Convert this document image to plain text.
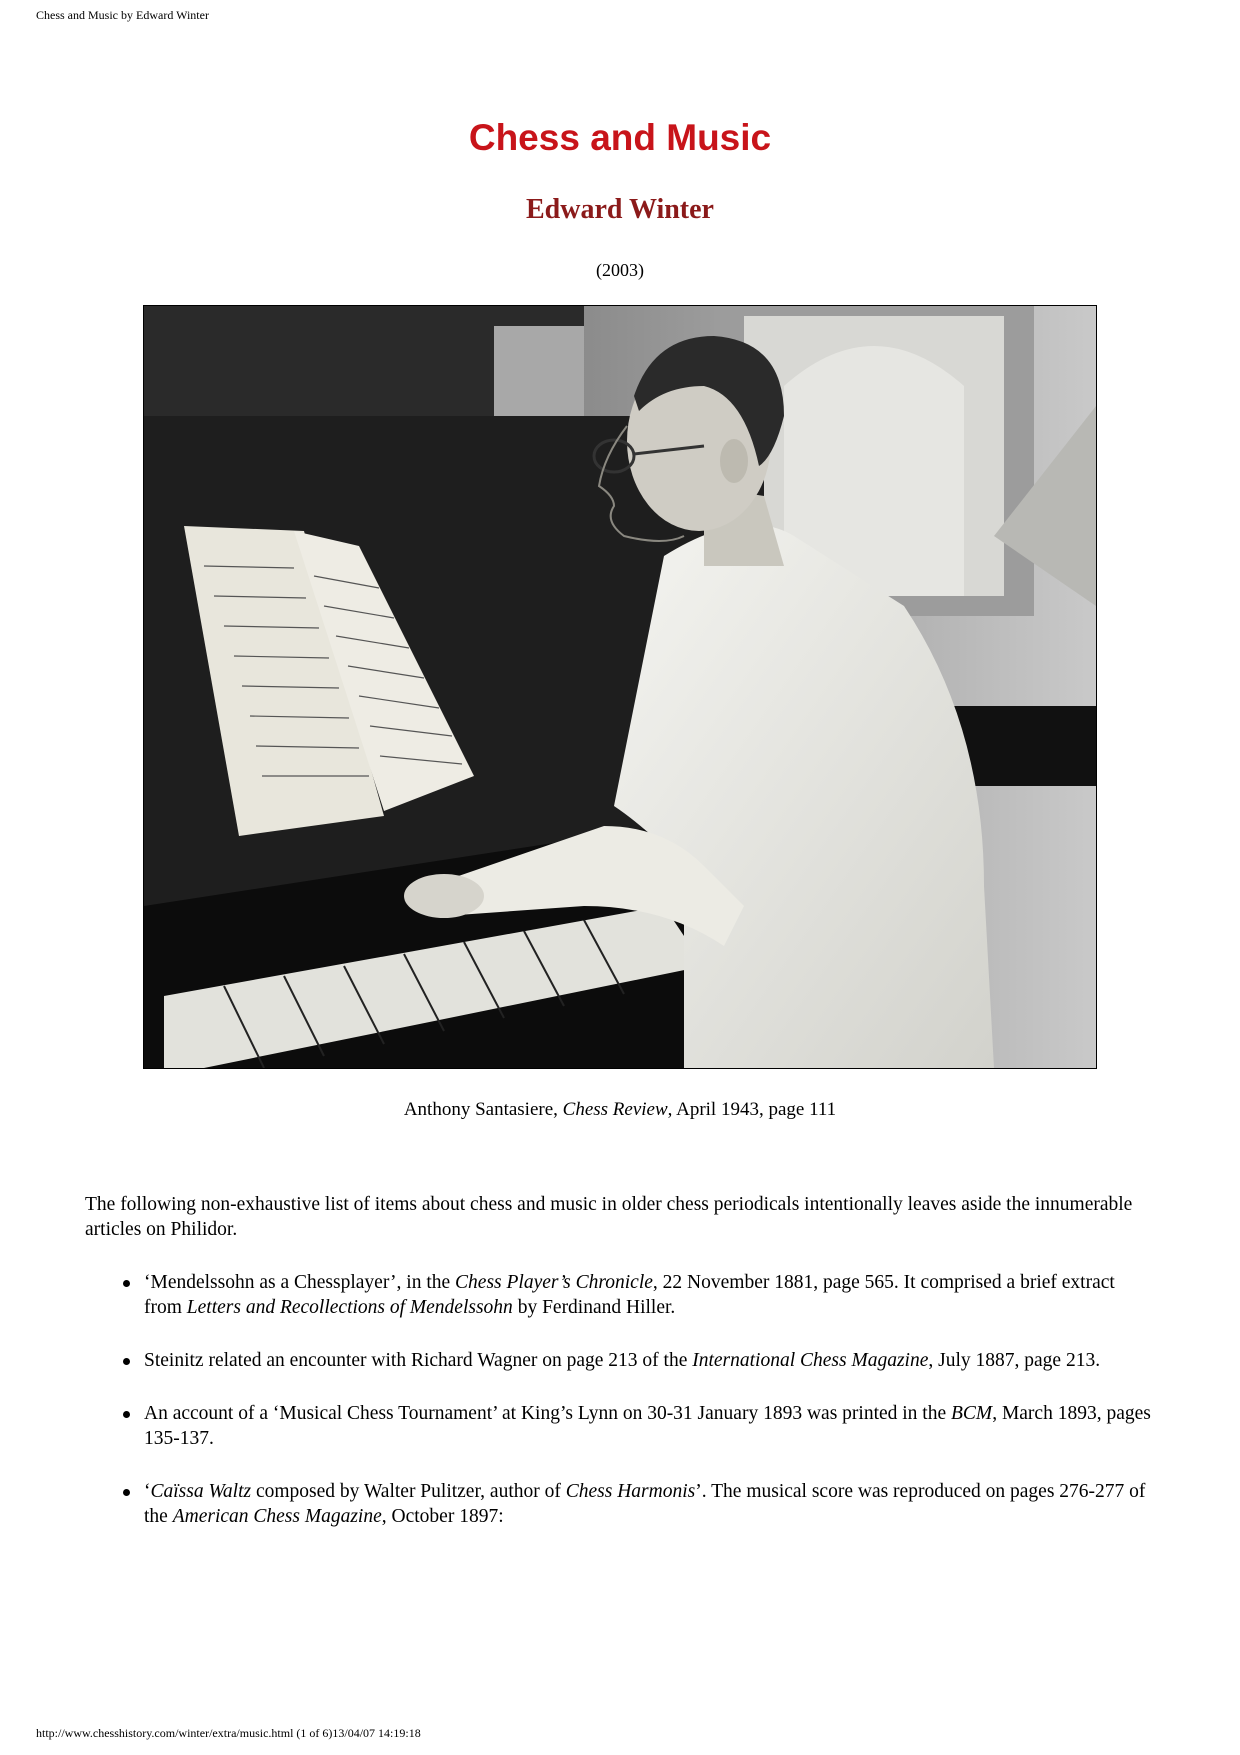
Chess and Music by Edward Winter
Chess and Music
Edward Winter
(2003)
Anthony Santasiere, Chess Review, April 1943, page 111

The following non-exhaustive list of items about chess and music in older chess periodicals intentionally leaves aside the innumerable articles on Philidor.

‘Mendelssohn as a Chessplayer’, in the Chess Player’s Chronicle, 22 November 1881, page 565. It comprised a brief extract from Letters and Recollections of Mendelssohn by Ferdinand Hiller.
Steinitz related an encounter with Richard Wagner on page 213 of the International Chess Magazine, July 1887, page 213.
An account of a ‘Musical Chess Tournament’ at King’s Lynn on 30-31 January 1893 was printed in the BCM, March 1893, pages 135-137.
‘Caïssa Waltz composed by Walter Pulitzer, author of Chess Harmonis’. The musical score was reproduced on pages 276-277 of the American Chess Magazine, October 1897:
http://www.chesshistory.com/winter/extra/music.html (1 of 6)13/04/07 14:19:18
